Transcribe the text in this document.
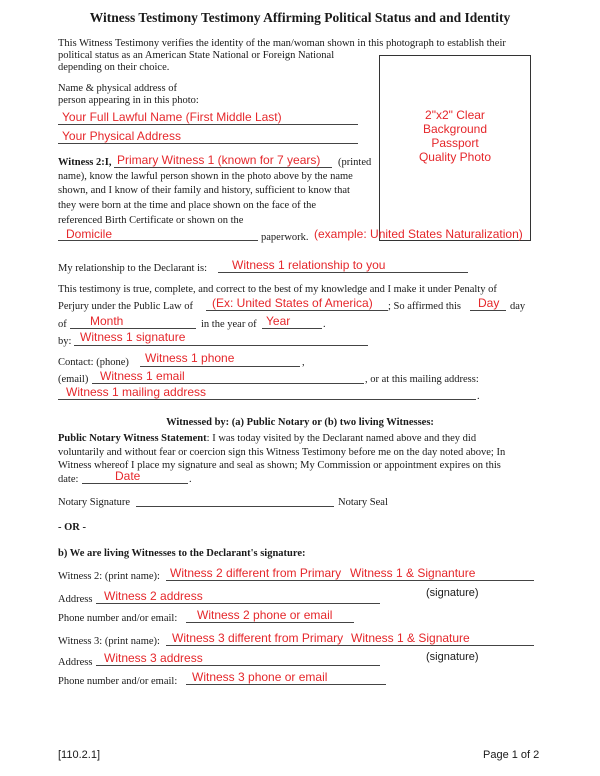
Witness Testimony Testimony Affirming Political Status and and Identity
This Witness Testimony verifies the identity of the man/woman shown in this photograph to establish their
political status as an American State National or Foreign National
depending on their choice.
2"x2" Clear
Background
Passport
Quality Photo
Name & physical address of
person appearing in in this photo:
Your Full Lawful Name (First Middle Last)
Your Physical Address
Witness 2:I, Primary Witness 1 (known for 7 years) (printed
name), know the lawful person shown in the photo above by the name
shown, and I know of their family and history, sufficient to know that
they were born at the time and place shown on the face of the
referenced Birth Certificate or shown on the
Domicile	paperwork. (example: United States Naturalization)
My relationship to the Declarant is: Witness 1 relationship to you
This testimony is true, complete, and correct to the best of my knowledge and I make it under Penalty of
Perjury under the Public Law of (Ex: United States of America) ; So affirmed this Day day
of Month	in the year of Year	.
by: Witness 1 signature
Contact: (phone) Witness 1 phone	,
(email) Witness 1 email	, or at this mailing address:
Witness 1 mailing address	.
Witnessed by: (a) Public Notary or (b) two living Witnesses:
Public Notary Witness Statement: I was today visited by the Declarant named above and they did
voluntarily and without fear or coercion sign this Witness Testimony before me on the day noted above; In
Witness whereof I place my signature and seal as shown; My Commission or appointment expires on this
date:	Date	.
Notary Signature	Notary Seal
- OR -
b) We are living Witnesses to the Declarant's signature:
Witness 2: (print name): Witness 2 different from Primary Witness 1 & Signanture
Address Witness 2 address	(signature)
Phone number and/or email: Witness 2 phone or email
Witness 3: (print name): Witness 3 different from Primary Witness 1 & Signature
Address Witness 3 address	(signature)
Phone number and/or email: Witness 3 phone or email
[110.2.1]	Page 1 of 2
